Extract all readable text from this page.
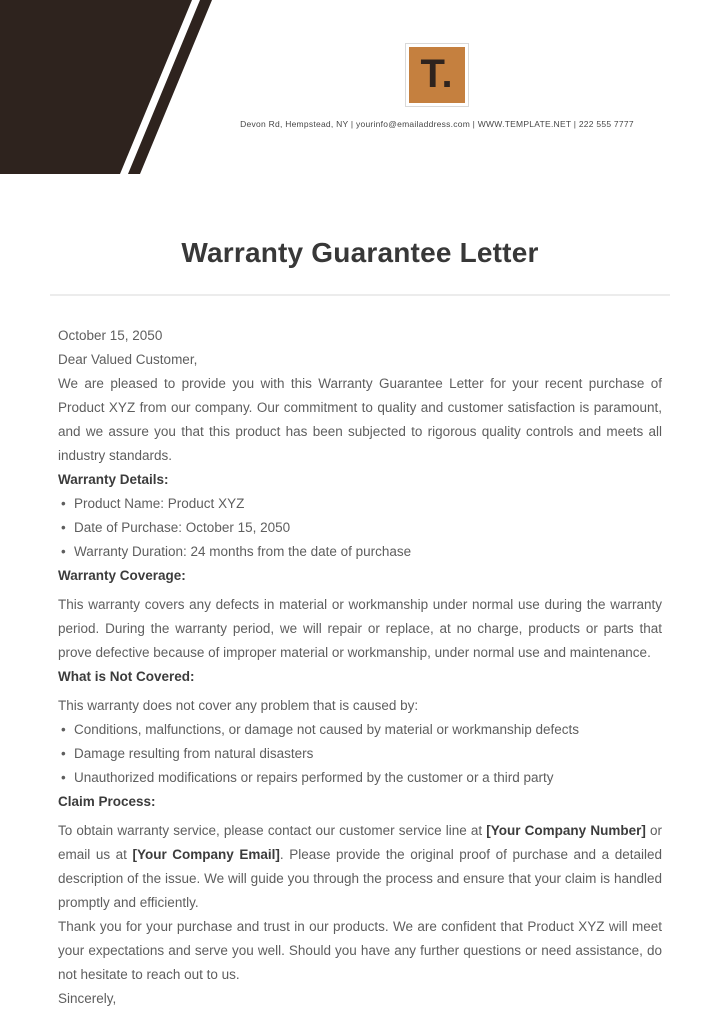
T.
Devon Rd, Hempstead, NY | yourinfo@emailaddress.com | WWW.TEMPLATE.NET | 222 555 7777
Warranty Guarantee Letter

October 15, 2050

Dear Valued Customer,

We are pleased to provide you with this Warranty Guarantee Letter for your recent purchase of Product XYZ from our company. Our commitment to quality and customer satisfaction is paramount, and we assure you that this product has been subjected to rigorous quality controls and meets all industry standards.

Warranty Details:

• Product Name: Product XYZ
• Date of Purchase: October 15, 2050
• Warranty Duration: 24 months from the date of purchase

Warranty Coverage:

This warranty covers any defects in material or workmanship under normal use during the warranty period. During the warranty period, we will repair or replace, at no charge, products or parts that prove defective because of improper material or workmanship, under normal use and maintenance.

What is Not Covered:

This warranty does not cover any problem that is caused by:

• Conditions, malfunctions, or damage not caused by material or workmanship defects
• Damage resulting from natural disasters
• Unauthorized modifications or repairs performed by the customer or a third party

Claim Process:

To obtain warranty service, please contact our customer service line at [Your Company Number] or email us at [Your Company Email]. Please provide the original proof of purchase and a detailed description of the issue. We will guide you through the process and ensure that your claim is handled promptly and efficiently.

Thank you for your purchase and trust in our products. We are confident that Product XYZ will meet your expectations and serve you well. Should you have any further questions or need assistance, do not hesitate to reach out to us.

Sincerely,
